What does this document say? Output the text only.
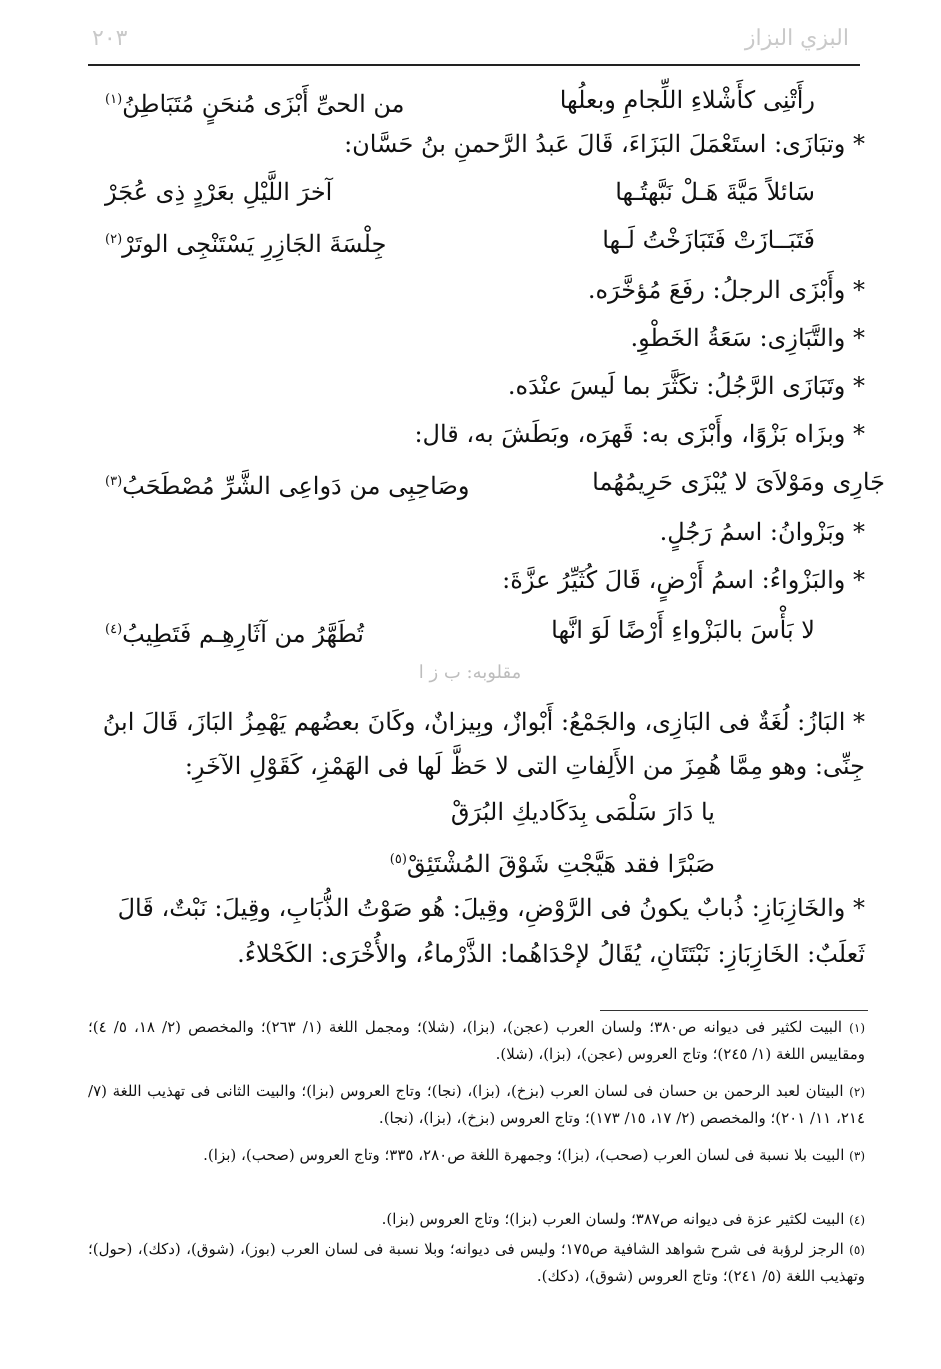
٢٠٣	البزي البزاز
رأَتْنِى كأَشْلاءِ اللِّجامِ وبعلُها
من الحىِّ أَبْزَى مُنحَنٍ مُتَبَاطِنُ$^{(١)}$
* وتبَازَى: استَعْمَلَ البَزَاءَ، قَالَ عَبدُ الرَّحمنِ بنُ حَسَّان:
سَائلاً مَيَّةَ هَـلْ نَبَّهتُـها
آخرَ اللَّيْلِ بعَرْدٍ ذِى عُجَرْ
فَتَبَــازَتْ فَتَبَازَخْتُ لَـها
جِلْسَةَ الجَازِرِ يَسْتَنْجِى الوتَرْ$^{(٢)}$
* وأَبْزَى الرجلُ: رفَعَ مُؤخَّرَه.
* والتَّبَازِى: سَعَةُ الخَطْوِ.
* وتَبَازَى الرَّجُلُ: تكَثَّرَ بما لَيسَ عنْدَه.
* وبزَاه بَزْوًا، وأَبْزَى به: قَهرَه، وبَطَشَ به، قال:
جَارِى ومَوْلاَىَ لا يُبْزَى حَرِيمُهُما
وصَاحِبِى من دَواعِى الشَّرِّ مُصْطَحَبُ$^{(٣)}$
* وبَزْوانُ: اسمُ رَجُلٍ.
* والبَزْواءُ: اسمُ أَرْضٍ، قَالَ كُثَيِّرُ عزَّةَ:
لا بَأْسَ بالبَزْواءِ أَرْضًا لَوَ انَّها
تُطَهَّرُ من آثَارِهِـم فَتَطِيبُ$^{(٤)}$
مقلوبه: ب ز ا
* البَازُ: لُغَةٌ فى البَازِى، والجَمْعُ: أَبْوازٌ، وبِيزانٌ، وكَانَ بعضُهم يَهْمِزُ البَازَ، قَالَ ابنُ
جِنِّى: وهو مِمَّا هُمِزَ من الأَلِفاتِ التى لا حَظَّ لَها فى الهَمْزِ، كَقَوْلِ الآخَرِ:
يا دَارَ سَلْمَى بِدَكَاديكِ البُرَقْ
صَبْرًا فقد هَيَّجْتِ شَوْقَ المُشْتَئِقْ$^{(٥)}$
* والخَازِبَازِ: ذُبابٌ يكونُ فى الرَّوْضِ، وقِيلَ: هُو صَوْتُ الذُّبَابِ، وقِيلَ: نَبْتٌ، قَالَ
ثَعلَبٌ: الخَازِبَازِ: نَبْتَتَانِ، يُقَالُ لإحْدَاهُما: الذَّرْماءُ، والأُخْرَى: الكَحْلاءُ.
(١) البيت لكثير فى ديوانه ص٣٨٠؛ ولسان العرب (عجن)، (بزا)، (شلا)؛ ومجمل اللغة (١/ ٢٦٣)؛ والمخصص (٢/ ١٨، ٥/ ٤)؛ ومقاييس اللغة (١/ ٢٤٥)؛ وتاج العروس (عجن)، (بزا)، (شلا).
(٢) البيتان لعبد الرحمن بن حسان فى لسان العرب (بزخ)، (بزا)، (نجا)؛ وتاج العروس (بزا)؛ والبيت الثانى فى تهذيب اللغة (٧/ ٢١٤، ١١/ ٢٠١)؛ والمخصص (٢/ ١٧، ١٥/ ١٧٣)؛ وتاج العروس (بزخ)، (بزا)، (نجا).
(٣) البيت بلا نسبة فى لسان العرب (صحب)، (بزا)؛ وجمهرة اللغة ص٢٨٠، ٣٣٥؛ وتاج العروس (صحب)، (بزا).
(٤) البيت لكثير عزة فى ديوانه ص٣٨٧؛ ولسان العرب (بزا)؛ وتاج العروس (بزا).
(٥) الرجز لرؤبة فى شرح شواهد الشافية ص١٧٥؛ وليس فى ديوانه؛ وبلا نسبة فى لسان العرب (بوز)، (شوق)، (دكك)، (حول)؛ وتهذيب اللغة (٥/ ٢٤١)؛ وتاج العروس (شوق)، (دكك).
